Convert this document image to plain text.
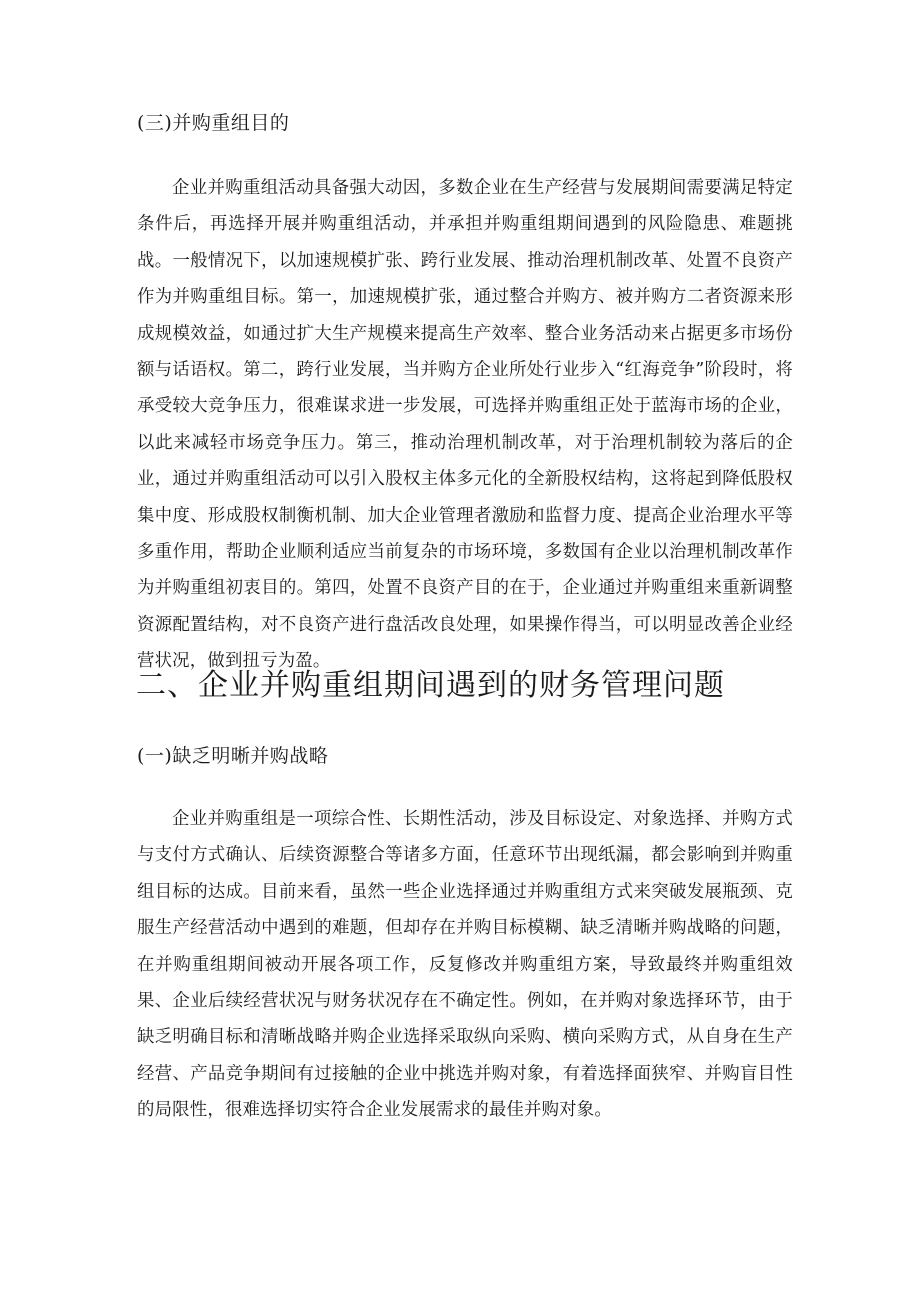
(三)并购重组目的
企业并购重组活动具备强大动因，多数企业在生产经营与发展期间需要满足特定条件后，再选择开展并购重组活动，并承担并购重组期间遇到的风险隐患、难题挑战。一般情况下，以加速规模扩张、跨行业发展、推动治理机制改革、处置不良资产作为并购重组目标。第一，加速规模扩张，通过整合并购方、被并购方二者资源来形成规模效益，如通过扩大生产规模来提高生产效率、整合业务活动来占据更多市场份额与话语权。第二，跨行业发展，当并购方企业所处行业步入“红海竞争”阶段时，将承受较大竞争压力，很难谋求进一步发展，可选择并购重组正处于蓝海市场的企业，以此来减轻市场竞争压力。第三，推动治理机制改革，对于治理机制较为落后的企业，通过并购重组活动可以引入股权主体多元化的全新股权结构，这将起到降低股权集中度、形成股权制衡机制、加大企业管理者激励和监督力度、提高企业治理水平等多重作用，帮助企业顺利适应当前复杂的市场环境，多数国有企业以治理机制改革作为并购重组初衷目的。第四，处置不良资产目的在于，企业通过并购重组来重新调整资源配置结构，对不良资产进行盘活改良处理，如果操作得当，可以明显改善企业经营状况，做到扭亏为盈。
二、企业并购重组期间遇到的财务管理问题
(一)缺乏明晰并购战略
企业并购重组是一项综合性、长期性活动，涉及目标设定、对象选择、并购方式与支付方式确认、后续资源整合等诸多方面，任意环节出现纸漏，都会影响到并购重组目标的达成。目前来看，虽然一些企业选择通过并购重组方式来突破发展瓶颈、克服生产经营活动中遇到的难题，但却存在并购目标模糊、缺乏清晰并购战略的问题，在并购重组期间被动开展各项工作，反复修改并购重组方案，导致最终并购重组效果、企业后续经营状况与财务状况存在不确定性。例如，在并购对象选择环节，由于缺乏明确目标和清晰战略并购企业选择采取纵向采购、横向采购方式，从自身在生产经营、产品竞争期间有过接触的企业中挑选并购对象，有着选择面狭窄、并购盲目性的局限性，很难选择切实符合企业发展需求的最佳并购对象。
